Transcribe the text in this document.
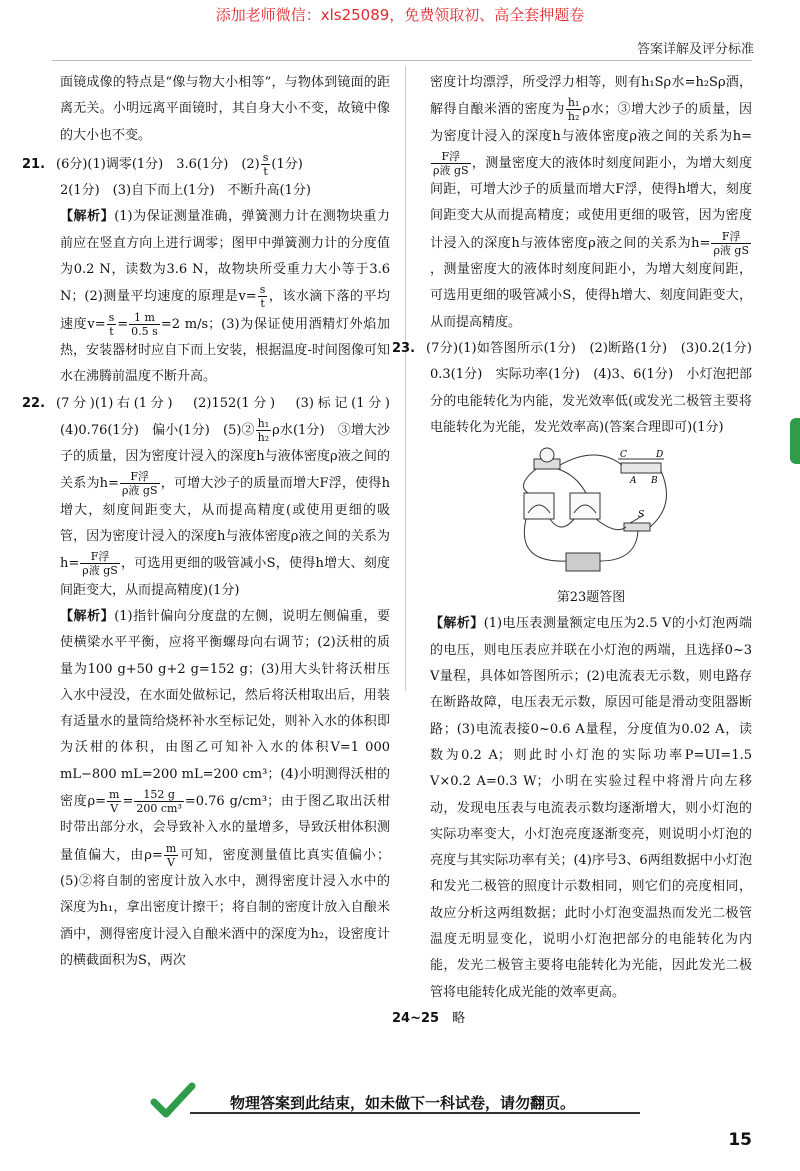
添加老师微信：xls25089，免费领取初、高全套押题卷
答案详解及评分标准

面镜成像的特点是“像与物大小相等”，与物体到镜面的距离无关。小明远离平面镜时，其自身大小不变，故镜中像的大小也不变。

21. (6分)(1)调零(1分)　3.6(1分)　$(2) \frac{s}{t} (1$分)

2(1分)　(3)自下而上(1分)　不断升高(1分)

【解析】(1)为保证测量准确，弹簧测力计在测物块重力前应在竖直方向上进行调零；图甲中弹簧测力计的分度值为0.2 N，读数为3.6 N，故物块所受重力大小等于3.6 N；(2)测量平均速度的原理是$v= \frac{s}{t}$ ，该水滴下落的平均速度$v= \frac{s}{t} = \frac{1 m}{0.5 s} =2$ m/s；(3)为保证使用酒精灯外焰加热，安装器材时应自下而上安装，根据温度-时间图像可知水在沸腾前温度不断升高。

22. (7分)(1)右(1分)　(2)152(1分)　(3)标记(1分)　(4)0.76(1分)　偏小(1分)　(5)② $\frac{\text{h₁}}{\text{h₂}}$ ρ水(1分)　③增大沙子的质量，因为密度计浸入的深度h与液体密度ρ液之间的关系为$h= \frac{\text{F浮}}{\text{ρ液 gS}}$ ，可增大沙子的质量而增大F浮，使得h增大，刻度间距变大，从而提高精度(或使用更细的吸管，因为密度计浸入的深度h与液体密度ρ液之间的关系为$h= \frac{\text{F浮}}{\text{ρ液 gS}}$ ，可选用更细的吸管减小S，使得h增大、刻度间距变大，从而提高精度)(1分)

【解析】(1)指针偏向分度盘的左侧，说明左侧偏重，要使横梁水平平衡，应将平衡螺母向右调节；(2)沃柑的质量为100 g+50 g+2 g=152 g；(3)用大头针将沃柑压入水中浸没，在水面处做标记，然后将沃柑取出后，用装有适量水的量筒给烧杯补水至标记处，则补入水的体积即为沃柑的体积，由图乙可知补入水的体积V=1 000 mL−800 mL=200 mL=200 cm³；(4)小明测得沃柑的密度$\rho= \frac{m}{V} = \frac{152 g}{\text{200 cm³}} =0.76$ g/cm³；由于图乙取出沃柑时带出部分水，会导致补入水的量增多，导致沃柑体积测量值偏大，由$\rho= \frac{m}{V}$ 可知，密度测量值比真实值偏小；(5)②将自制的密度计放入水中，测得密度计浸入水中的深度为h₁，拿出密度计擦干；将自制的密度计放入自酿米酒中，测得密度计浸入自酿米酒中的深度为h₂，设密度计的横截面积为S，两次

密度计均漂浮，所受浮力相等，则有h₁Sρ水=h₂Sρ酒，解得自酿米酒的密度为 $\frac{\text{h₁}}{\text{h₂}}$ ρ水；③增大沙子的质量，因为密度计浸入的深度h与液体密度ρ液之间的关系为h=
$\frac{\text{F浮}}{\text{ρ液 gS}}$ ，测量密度大的液体时刻度间距小，为增大刻度间距，可增大沙子的质量而增大F浮，使得h增大，刻度间距变大从而提高精度；或使用更细的吸管，因为密度计浸入的深度h与液体密度ρ液之间的关系为$h= \frac{\text{F浮}}{\text{ρ液 gS}}$
，测量密度大的液体时刻度间距小，为增大刻度间距，可选用更细的吸管减小S，使得h增大、刻度间距变大，从而提高精度。

23. (7分)(1)如答图所示(1分)　(2)断路(1分)　(3)0.2(1分)　0.3(1分)　实际功率(1分)　(4)3、6(1分)　小灯泡把部分的电能转化为内能，发光效率低(或发光二极管主要将电能转化为光能，发光效率高)(答案合理即可)(1分)

C	D
A B
S

第23题答图

【解析】(1)电压表测量额定电压为2.5 V的小灯泡两端的电压，则电压表应并联在小灯泡的两端，且选择0~3 V量程，具体如答图所示；(2)电流表无示数，则电路存在断路故障，电压表无示数，原因可能是滑动变阻器断路；(3)电流表接0~0.6 A量程，分度值为0.02 A，读数为0.2 A；则此时小灯泡的实际功率P=UI=1.5 V×0.2 A=0.3 W；小明在实验过程中将滑片向左移动，发现电压表与电流表示数均逐渐增大，则小灯泡的实际功率变大，小灯泡亮度逐渐变亮，则说明小灯泡的亮度与其实际功率有关；(4)序号3、6两组数据中小灯泡和发光二极管的照度计示数相同，则它们的亮度相同，故应分析这两组数据；此时小灯泡变温热而发光二极管温度无明显变化，说明小灯泡把部分的电能转化为内能，发光二极管主要将电能转化为光能，因此发光二极管将电能转化成光能的效率更高。

24~25　 略

物理答案到此结束，如未做下一科试卷，请勿翻页。
15
